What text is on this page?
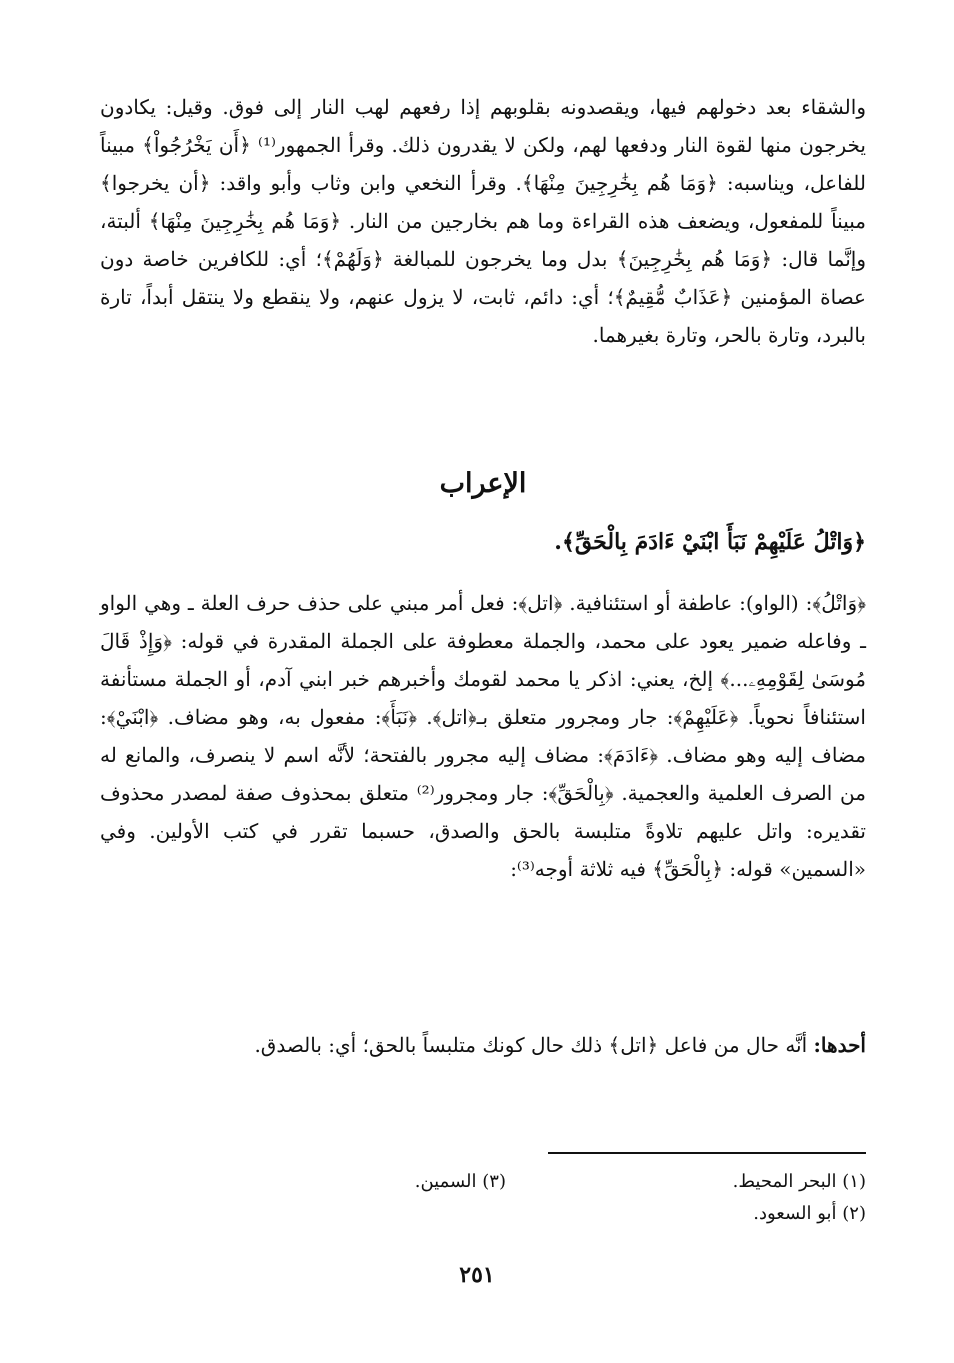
والشقاء بعد دخولهم فيها، ويقصدونه بقلوبهم إذا رفعهم لهب النار إلى فوق. وقيل: يكادون يخرجون منها لقوة النار ودفعها لهم، ولكن لا يقدرون ذلك. وقرأ الجمهور⁽¹⁾ ﴿أَن يَخْرُجُواْ﴾ مبيناً للفاعل، ويناسبه: ﴿وَمَا هُم بِخَٰرِجِينَ مِنْهَا﴾. وقرأ النخعي وابن وثاب وأبو واقد: ﴿أن يخرجوا﴾ مبيناً للمفعول، ويضعف هذه القراءة وما هم بخارجين من النار. ﴿وَمَا هُم بِخَٰرِجِينَ مِنْهَا﴾ ألبتة، وإنَّما قال: ﴿وَمَا هُم بِخَٰرِجِينَ﴾ بدل وما يخرجون للمبالغة ﴿وَلَهُمْ﴾؛ أي: للكافرين خاصة دون عصاة المؤمنين ﴿عَذَابٌ مُّقِيمٌ﴾؛ أي: دائم، ثابت، لا يزول عنهم، ولا ينقطع ولا ينتقل أبداً، تارة بالبرد، وتارة بالحر، وتارة بغيرهما.

الإعراب
﴿وَاتْلُ عَلَيْهِمْ نَبَأَ ابْنَيْ ءَادَمَ بِالْحَقِّ﴾.

﴿وَاتْلُ﴾: (الواو): عاطفة أو استئنافية. ﴿اتل﴾: فعل أمر مبني على حذف حرف العلة ـ وهي الواو ـ وفاعله ضمير يعود على محمد، والجملة معطوفة على الجملة المقدرة في قوله: ﴿وَإِذْ قَالَ مُوسَىٰ لِقَوْمِهِۦ...﴾ إلخ، يعني: اذكر يا محمد لقومك وأخبرهم خبر ابني آدم، أو الجملة مستأنفة استئنافاً نحوياً. ﴿عَلَيْهِمْ﴾: جار ومجرور متعلق بـ﴿اتل﴾. ﴿نَبَأَ﴾: مفعول به، وهو مضاف. ﴿ابْنَيْ﴾: مضاف إليه وهو مضاف. ﴿ءَادَمَ﴾: مضاف إليه مجرور بالفتحة؛ لأنَّه اسم لا ينصرف، والمانع له من الصرف العلمية والعجمية. ﴿بِالْحَقِّ﴾: جار ومجرور⁽²⁾ متعلق بمحذوف صفة لمصدر محذوف تقديره: واتل عليهم تلاوةً متلبسة بالحق والصدق، حسبما تقرر في كتب الأولين. وفي «السمين» قوله: ﴿بِالْحَقِّ﴾ فيه ثلاثة أوجه⁽³⁾:

أحدها: أنَّه حال من فاعل ﴿اتل﴾ ذلك حال كونك متلبساً بالحق؛ أي: بالصدق.

(١) البحر المحيط.
(٣) السمين.
(٢) أبو السعود.
٢٥١
